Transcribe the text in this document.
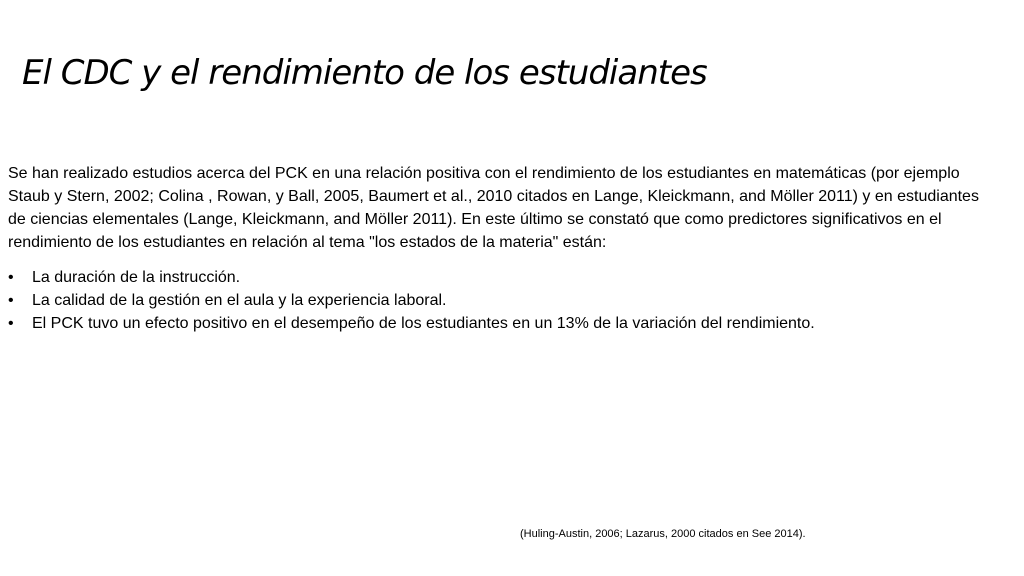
El CDC y el rendimiento de los estudiantes

Se han realizado estudios acerca del PCK en una relación positiva con el rendimiento de los estudiantes en matemáticas (por ejemplo Staub y Stern, 2002; Colina , Rowan, y Ball, 2005, Baumert et al., 2010 citados en Lange, Kleickmann, and Möller 2011) y en estudiantes de ciencias elementales (Lange, Kleickmann, and Möller 2011). En este último se constató que como predictores significativos en el rendimiento de los estudiantes en relación al tema "los estados de la materia" están:

• La duración de la instrucción.
• La calidad de la gestión en el aula y la experiencia laboral.
• El PCK tuvo un efecto positivo en el desempeño de los estudiantes en un 13% de la variación del rendimiento.
(Huling-Austin, 2006; Lazarus, 2000 citados en See 2014).
